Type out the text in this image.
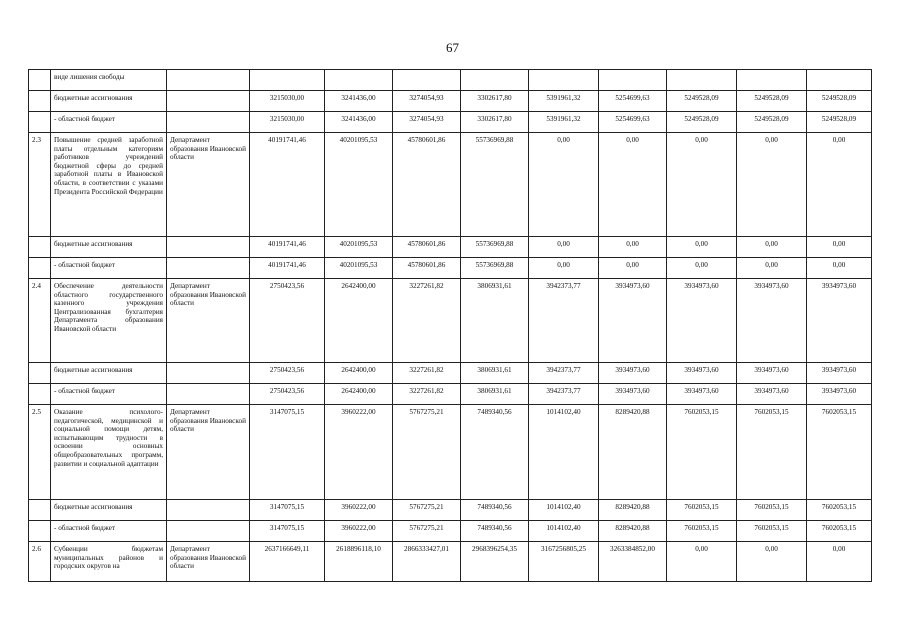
67
	виде лишения свободы										
	бюджетные ассигнования		3215030,00	3241436,00	3274054,93	3302617,80	5391961,32	5254699,63	5249528,09	5249528,09	5249528,09
	- областной бюджет		3215030,00	3241436,00	3274054,93	3302617,80	5391961,32	5254699,63	5249528,09	5249528,09	5249528,09
2.3	Повышение средней заработной платы отдельным категориям работников учреждений бюджетной сферы до средней заработной платы в Ивановской области, в соответствии с указами Президента Российской Федерации	Департамент образования Ивановской области	40191741,46	40201095,53	45780601,86	55736969,88	0,00	0,00	0,00	0,00	0,00
	бюджетные ассигнования		40191741,46	40201095,53	45780601,86	55736969,88	0,00	0,00	0,00	0,00	0,00
	- областной бюджет		40191741,46	40201095,53	45780601,86	55736969,88	0,00	0,00	0,00	0,00	0,00
2.4	Обеспечение деятельности областного государственного казенного учреждения Централизованная бухгалтерия Департамента образования Ивановской области	Департамент образования Ивановской области	2750423,56	2642400,00	3227261,82	3806931,61	3942373,77	3934973,60	3934973,60	3934973,60	3934973,60
	бюджетные ассигнования		2750423,56	2642400,00	3227261,82	3806931,61	3942373,77	3934973,60	3934973,60	3934973,60	3934973,60
	- областной бюджет		2750423,56	2642400,00	3227261,82	3806931,61	3942373,77	3934973,60	3934973,60	3934973,60	3934973,60
2.5	Оказание психолого-педагогической, медицинской и социальной помощи детям, испытывающим трудности в освоении основных общеобразовательных программ, развитии и социальной адаптации	Департамент образования Ивановской области	3147075,15	3960222,00	5767275,21	7489340,56	1014102,40	8289420,88	7602053,15	7602053,15	7602053,15
	бюджетные ассигнования		3147075,15	3960222,00	5767275,21	7489340,56	1014102,40	8289420,88	7602053,15	7602053,15	7602053,15
	- областной бюджет		3147075,15	3960222,00	5767275,21	7489340,56	1014102,40	8289420,88	7602053,15	7602053,15	7602053,15
2.6	Субвенции бюджетам муниципальных районов и городских округов на	Департамент образования Ивановской области	2637166649,11	2618896118,10	2866333427,01	2968396254,35	3167256805,25	3263384852,00	0,00	0,00	0,00
